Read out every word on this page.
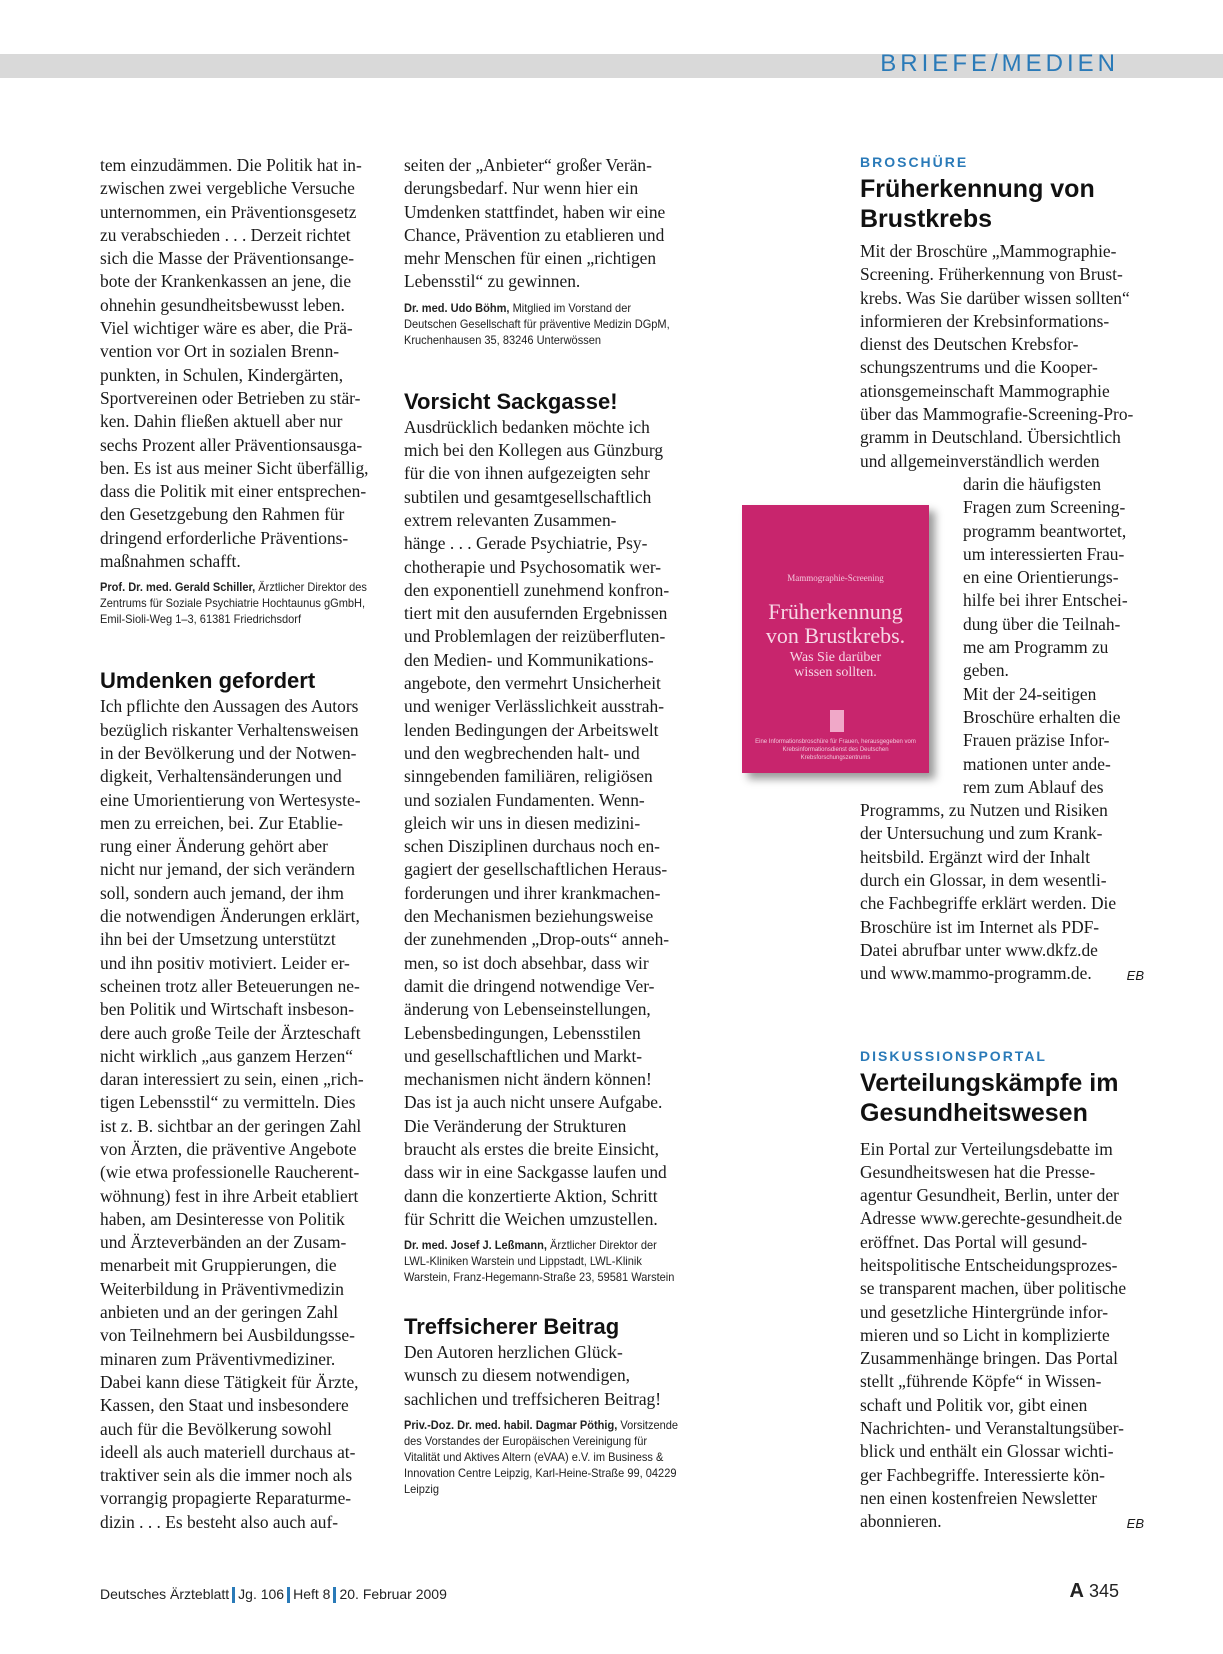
BRIEFE/MEDIEN
tem einzudämmen. Die Politik hat in-
zwischen zwei vergebliche Versuche
unternommen, ein Präventionsgesetz
zu verabschieden . . . Derzeit richtet
sich die Masse der Präventionsange-
bote der Krankenkassen an jene, die
ohnehin gesundheitsbewusst leben.
Viel wichtiger wäre es aber, die Prä-
vention vor Ort in sozialen Brenn-
punkten, in Schulen, Kindergärten,
Sportvereinen oder Betrieben zu stär-
ken. Dahin fließen aktuell aber nur
sechs Prozent aller Präventionsausga-
ben. Es ist aus meiner Sicht überfällig,
dass die Politik mit einer entsprechen-
den Gesetzgebung den Rahmen für
dringend erforderliche Präventions-
maßnahmen schafft.

Prof. Dr. med. Gerald Schiller, Ärztlicher Direktor des Zentrums für Soziale Psychiatrie Hochtaunus gGmbH, Emil-Sioli-Weg 1–3, 61381 Friedrichsdorf

Umdenken gefordert
Ich pflichte den Aussagen des Autors
bezüglich riskanter Verhaltensweisen
in der Bevölkerung und der Notwen-
digkeit, Verhaltensänderungen und
eine Umorientierung von Wertesyste-
men zu erreichen, bei. Zur Etablie-
rung einer Änderung gehört aber
nicht nur jemand, der sich verändern
soll, sondern auch jemand, der ihm
die notwendigen Änderungen erklärt,
ihn bei der Umsetzung unterstützt
und ihn positiv motiviert. Leider er-
scheinen trotz aller Beteuerungen ne-
ben Politik und Wirtschaft insbeson-
dere auch große Teile der Ärzteschaft
nicht wirklich „aus ganzem Herzen“
daran interessiert zu sein, einen „rich-
tigen Lebensstil“ zu vermitteln. Dies
ist z. B. sichtbar an der geringen Zahl
von Ärzten, die präventive Angebote
(wie etwa professionelle Raucherent-
wöhnung) fest in ihre Arbeit etabliert
haben, am Desinteresse von Politik
und Ärzteverbänden an der Zusam-
menarbeit mit Gruppierungen, die
Weiterbildung in Präventivmedizin
anbieten und an der geringen Zahl
von Teilnehmern bei Ausbildungsse-
minaren zum Präventivmediziner.
Dabei kann diese Tätigkeit für Ärzte,
Kassen, den Staat und insbesondere
auch für die Bevölkerung sowohl
ideell als auch materiell durchaus at-
traktiver sein als die immer noch als
vorrangig propagierte Reparaturme-
dizin . . . Es besteht also auch auf-
seiten der „Anbieter“ großer Verän-
derungsbedarf. Nur wenn hier ein
Umdenken stattfindet, haben wir eine
Chance, Prävention zu etablieren und
mehr Menschen für einen „richtigen
Lebensstil“ zu gewinnen.

Dr. med. Udo Böhm, Mitglied im Vorstand der Deutschen Gesellschaft für präventive Medizin DGpM, Kruchenhausen 35, 83246 Unterwössen

Vorsicht Sackgasse!
Ausdrücklich bedanken möchte ich
mich bei den Kollegen aus Günzburg
für die von ihnen aufgezeigten sehr
subtilen und gesamtgesellschaftlich
extrem relevanten Zusammen-
hänge . . . Gerade Psychiatrie, Psy-
chotherapie und Psychosomatik wer-
den exponentiell zunehmend konfron-
tiert mit den ausufernden Ergebnissen
und Problemlagen der reizüberfluten-
den Medien- und Kommunikations-
angebote, den vermehrt Unsicherheit
und weniger Verlässlichkeit ausstrah-
lenden Bedingungen der Arbeitswelt
und den wegbrechenden halt- und
sinngebenden familiären, religiösen
und sozialen Fundamenten. Wenn-
gleich wir uns in diesen medizini-
schen Disziplinen durchaus noch en-
gagiert der gesellschaftlichen Heraus-
forderungen und ihrer krankmachen-
den Mechanismen beziehungsweise
der zunehmenden „Drop-outs“ anneh-
men, so ist doch absehbar, dass wir
damit die dringend notwendige Ver-
änderung von Lebenseinstellungen,
Lebensbedingungen, Lebensstilen
und gesellschaftlichen und Markt-
mechanismen nicht ändern können!
Das ist ja auch nicht unsere Aufgabe.
Die Veränderung der Strukturen
braucht als erstes die breite Einsicht,
dass wir in eine Sackgasse laufen und
dann die konzertierte Aktion, Schritt
für Schritt die Weichen umzustellen.

Dr. med. Josef J. Leßmann, Ärztlicher Direktor der LWL-Kliniken Warstein und Lippstadt, LWL-Klinik Warstein, Franz-Hegemann-Straße 23, 59581 Warstein

Treffsicherer Beitrag
Den Autoren herzlichen Glück-
wunsch zu diesem notwendigen,
sachlichen und treffsicheren Beitrag!

Priv.-Doz. Dr. med. habil. Dagmar Pöthig, Vorsitzende des Vorstandes der Europäischen Vereinigung für Vitalität und Aktives Altern (eVAA) e.V. im Business & Innovation Centre Leipzig, Karl-Heine-Straße 99, 04229 Leipzig

BROSCHÜRE

Früherkennung von Brustkrebs
Mit der Broschüre „Mammographie-
Screening. Früherkennung von Brust-
krebs. Was Sie darüber wissen sollten“
informieren der Krebsinformations-
dienst des Deutschen Krebsfor-
schungszentrums und die Kooper-
ationsgemeinschaft Mammographie
über das Mammografie-Screening-Pro-
gramm in Deutschland. Übersichtlich
und allgemeinverständlich werden
darin die häufigsten
Fragen zum Screening-
programm beantwortet,
um interessierten Frau-
en eine Orientierungs-
hilfe bei ihrer Entschei-
dung über die Teilnah-
me am Programm zu
geben.
Mit der 24-seitigen
Broschüre erhalten die
Frauen präzise Infor-
mationen unter ande-
rem zum Ablauf des
Programms, zu Nutzen und Risiken
der Untersuchung und zum Krank-
heitsbild. Ergänzt wird der Inhalt
durch ein Glossar, in dem wesentli-
che Fachbegriffe erklärt werden. Die
Broschüre ist im Internet als PDF-
Datei abrufbar unter www.dkfz.de
und www.mammo-programm.de.	EB

DISKUSSIONSPORTAL

Verteilungskämpfe im Gesundheitswesen
Ein Portal zur Verteilungsdebatte im
Gesundheitswesen hat die Presse-
agentur Gesundheit, Berlin, unter der
Adresse www.gerechte-gesundheit.de
eröffnet. Das Portal will gesund-
heitspolitische Entscheidungsprozes-
se transparent machen, über politische
und gesetzliche Hintergründe infor-
mieren und so Licht in komplizierte
Zusammenhänge bringen. Das Portal
stellt „führende Köpfe“ in Wissen-
schaft und Politik vor, gibt einen
Nachrichten- und Veranstaltungsüber-
blick und enthält ein Glossar wichti-
ger Fachbegriffe. Interessierte kön-
nen einen kostenfreien Newsletter
abonnieren.	EB
Mammographie-Screening
Früherkennung
von Brustkrebs.
Was Sie darüber
wissen sollten.
Eine Informationsbroschüre für Frauen, herausgegeben vom Krebsinformationsdienst des Deutschen Krebsforschungszentrums
Deutsches Ärzteblatt Jg. 106 Heft 8 20. Februar 2009	A 345
